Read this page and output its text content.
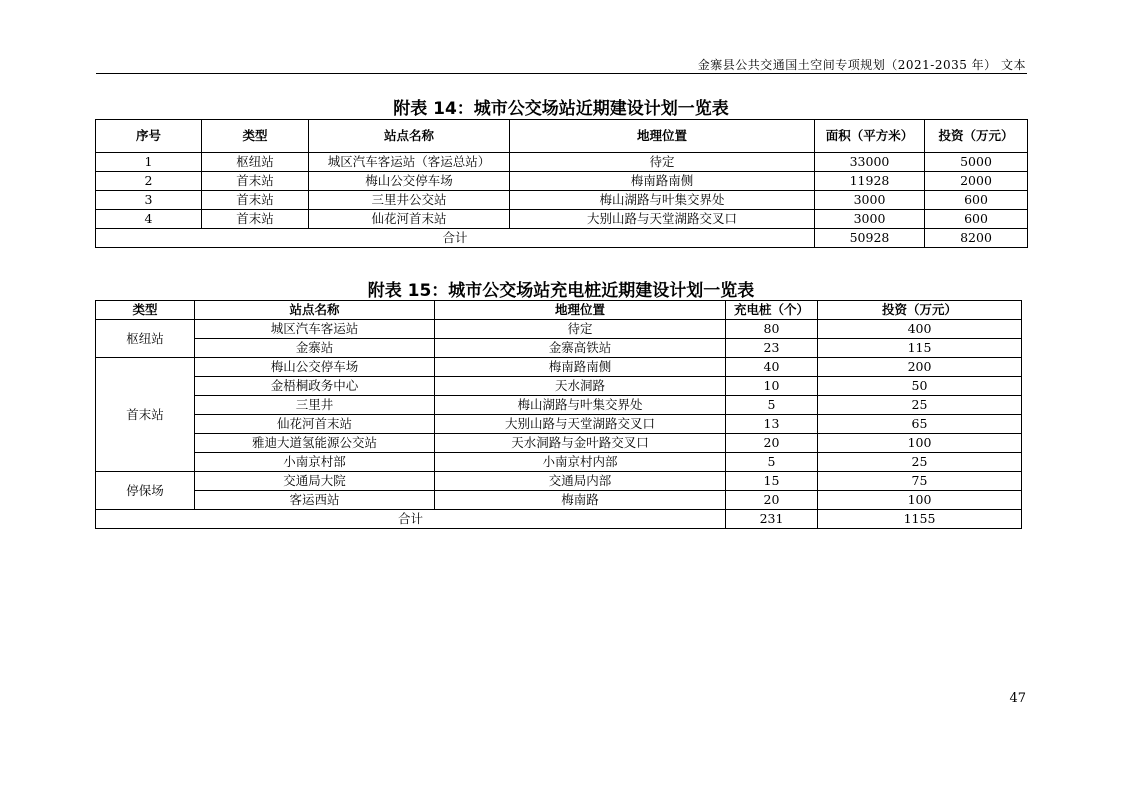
金寨县公共交通国土空间专项规划（2021-2035 年） 文本
附表 14：城市公交场站近期建设计划一览表
序号	类型	站点名称	地理位置	面积（平方米）	投资（万元）
1	枢纽站	城区汽车客运站（客运总站）	待定	33000	5000
2	首末站	梅山公交停车场	梅南路南侧	11928	2000
3	首末站	三里井公交站	梅山湖路与叶集交界处	3000	600
4	首末站	仙花河首末站	大别山路与天堂湖路交叉口	3000	600
合计				50928	8200
附表 15：城市公交场站充电桩近期建设计划一览表
类型	站点名称	地理位置	充电桩（个）	投资（万元）
枢纽站	城区汽车客运站	待定	80	400
	金寨站	金寨高铁站	23	115
首末站	梅山公交停车场	梅南路南侧	40	200
	金梧桐政务中心	天水洞路	10	50
	三里井	梅山湖路与叶集交界处	5	25
	仙花河首末站	大别山路与天堂湖路交叉口	13	65
	雅迪大道氢能源公交站	天水洞路与金叶路交叉口	20	100
	小南京村部	小南京村内部	5	25
停保场	交通局大院	交通局内部	15	75
	客运西站	梅南路	20	100
合计			231	1155
47
